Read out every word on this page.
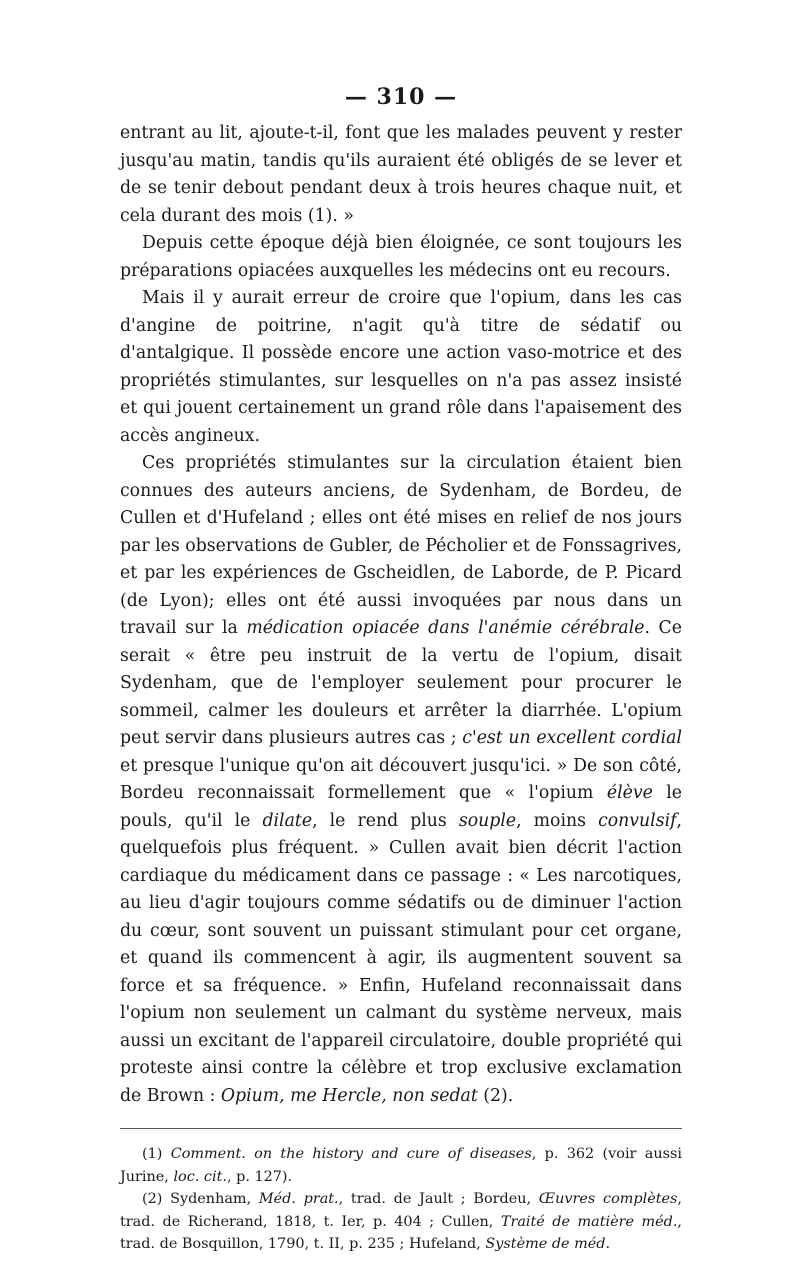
— 310 —

entrant au lit, ajoute-t-il, font que les malades peuvent y rester jusqu'au matin, tandis qu'ils auraient été obligés de se lever et de se tenir debout pendant deux à trois heures chaque nuit, et cela durant des mois (1). »

Depuis cette époque déjà bien éloignée, ce sont toujours les préparations opiacées auxquelles les médecins ont eu recours.

Mais il y aurait erreur de croire que l'opium, dans les cas d'angine de poitrine, n'agit qu'à titre de sédatif ou d'antalgique. Il possède encore une action vaso-motrice et des propriétés stimulantes, sur lesquelles on n'a pas assez insisté et qui jouent certainement un grand rôle dans l'apaisement des accès angineux.

Ces propriétés stimulantes sur la circulation étaient bien connues des auteurs anciens, de Sydenham, de Bordeu, de Cullen et d'Hufeland ; elles ont été mises en relief de nos jours par les observations de Gubler, de Pécholier et de Fonssagrives, et par les expériences de Gscheidlen, de Laborde, de P. Picard (de Lyon); elles ont été aussi invoquées par nous dans un travail sur la médication opiacée dans l'anémie cérébrale. Ce serait « être peu instruit de la vertu de l'opium, disait Sydenham, que de l'employer seulement pour procurer le sommeil, calmer les douleurs et arrêter la diarrhée. L'opium peut servir dans plusieurs autres cas ; c'est un excellent cordial et presque l'unique qu'on ait découvert jusqu'ici. » De son côté, Bordeu reconnaissait formellement que « l'opium élève le pouls, qu'il le dilate, le rend plus souple, moins convulsif, quelquefois plus fréquent. » Cullen avait bien décrit l'action cardiaque du médicament dans ce passage : « Les narcotiques, au lieu d'agir toujours comme sédatifs ou de diminuer l'action du cœur, sont souvent un puissant stimulant pour cet organe, et quand ils commencent à agir, ils augmentent souvent sa force et sa fréquence. » Enfin, Hufeland reconnaissait dans l'opium non seulement un calmant du système nerveux, mais aussi un excitant de l'appareil circulatoire, double propriété qui proteste ainsi contre la célèbre et trop exclusive exclamation de Brown : Opium, me Hercle, non sedat (2).

(1) Comment. on the history and cure of diseases, p. 362 (voir aussi Jurine, loc. cit., p. 127).

(2) Sydenham, Méd. prat., trad. de Jault ; Bordeu, Œuvres complètes, trad. de Richerand, 1818, t. Ier, p. 404 ; Cullen, Traité de matière méd., trad. de Bosquillon, 1790, t. II, p. 235 ; Hufeland, Système de méd.
